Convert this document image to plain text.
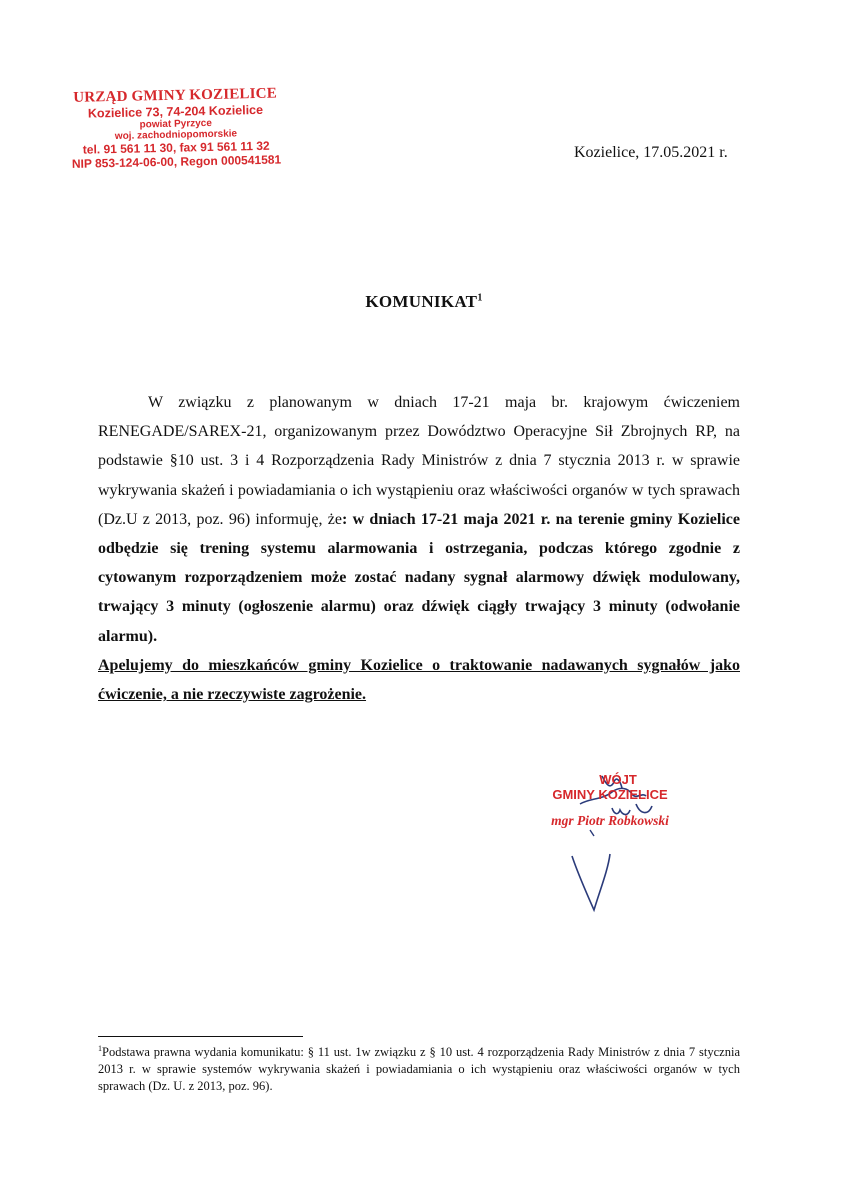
URZĄD GMINY KOZIELICE
Kozielice 73, 74-204 Kozielice
powiat Pyrzyce
woj. zachodniopomorskie
tel. 91 561 11 30, fax 91 561 11 32
NIP 853-124-06-00, Regon 000541581
Kozielice, 17.05.2021 r.
KOMUNIKAT$^1$

W związku z planowanym w dniach 17-21 maja br. krajowym ćwiczeniem RENEGADE/SAREX-21, organizowanym przez Dowództwo Operacyjne Sił Zbrojnych RP, na podstawie §10 ust. 3 i 4 Rozporządzenia Rady Ministrów z dnia 7 stycznia 2013 r. w sprawie wykrywania skażeń i powiadamiania o ich wystąpieniu oraz właściwości organów w tych sprawach (Dz.U z 2013, poz. 96) informuję, że: w dniach 17-21 maja 2021 r. na terenie gminy Kozielice odbędzie się trening systemu alarmowania i ostrzegania, podczas którego zgodnie z cytowanym rozporządzeniem może zostać nadany sygnał alarmowy dźwięk modulowany, trwający 3 minuty (ogłoszenie alarmu) oraz dźwięk ciągły trwający 3 minuty (odwołanie alarmu).

Apelujemy do mieszkańców gminy Kozielice o traktowanie nadawanych sygnałów jako ćwiczenie, a nie rzeczywiste zagrożenie.

WÓJT
GMINY KOZIELICE
mgr Piotr Robkowski
$^1$Podstawa prawna wydania komunikatu: § 11 ust. 1w związku z § 10 ust. 4 rozporządzenia Rady Ministrów z dnia 7 stycznia 2013 r. w sprawie systemów wykrywania skażeń i powiadamiania o ich wystąpieniu oraz właściwości organów w tych sprawach (Dz. U. z 2013, poz. 96).
